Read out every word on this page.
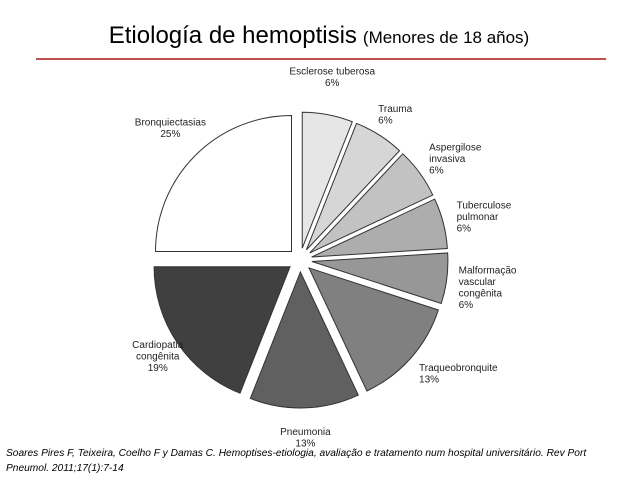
Etiología de hemoptisis (Menores de 18 años)
Esclerose tuberosa 6%
Trauma 6%
Aspergilose invasiva 6%
Tuberculose pulmonar 6%
Malformação vascular congênita 6%
Traqueobronquite 13%
Pneumonia 13%
Cardiopatia congênita 19%
Bronquiectasias 25%
Soares Pires F, Teixeira, Coelho F y Damas C. Hemoptises-etiologia, avaliação e tratamento num hospital universitário. Rev Port Pneumol. 2011;17(1):7-14
